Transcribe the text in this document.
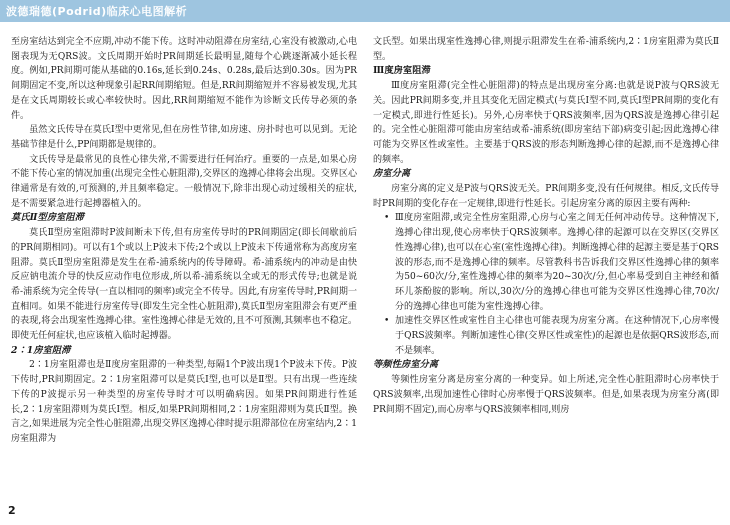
波德瑞德(Podrid)临床心电图解析

至房室结达到完全不应期,冲动不能下传。这时冲动阻滞在房室结,心室没有被激动,心电图表现为无QRS波。文氏周期开始时PR间期延长最明显,随每个心跳逐渐减小延长程度。例如,PR间期可能从基础的0.16s,延长到0.24s、0.28s,最后达到0.30s。因为PR间期固定不变,所以这种现象引起RR间期缩短。但是,RR间期缩短并不容易被发现,尤其是在文氏周期较长或心率较快时。因此,RR间期缩短不能作为诊断文氏传导必须的条件。

虽然文氏传导在莫氏I型中更常见,但在房性节律,如房速、房扑时也可以见到。无论基础节律是什么,PP间期都是规律的。

文氏传导是最常见的良性心律失常,不需要进行任何治疗。重要的一点是,如果心房不能下传心室的情况加重(出现完全性心脏阻滞),交界区的逸搏心律将会出现。交界区心律通常是有效的,可预测的,并且频率稳定。一般情况下,除非出现心动过缓相关的症状,是不需要紧急进行起搏器植入的。

莫氏Ⅱ型房室阻滞

莫氏Ⅱ型房室阻滞时P波间断未下传,但有房室传导时的PR间期固定(即长间歇前后的PR间期相同)。可以有1个或以上P波未下传;2个或以上P波未下传通常称为高度房室阻滞。莫氏Ⅱ型房室阻滞是发生在希-浦系统内的传导障碍。希-浦系统内的冲动是由快反应钠电流介导的快反应动作电位形成,所以希-浦系统以全或无的形式传导;也就是说希-浦系统为完全传导(一直以相同的频率)或完全不传导。因此,有房室传导时,PR间期一直相同。如果不能进行房室传导(即发生完全性心脏阻滞),莫氏Ⅱ型房室阻滞会有更严重的表现,将会出现室性逸搏心律。室性逸搏心律是无效的,且不可预测,其频率也不稳定。即使无任何症状,也应该植入临时起搏器。

2∶1房室阻滞

2∶1房室阻滞也是Ⅱ度房室阻滞的一种类型,每隔1个P波出现1个P波未下传。P波下传时,PR间期固定。2∶1房室阻滞可以是莫氏Ⅰ型,也可以是Ⅱ型。只有出现一些连续下传的P波提示另一种类型的房室传导时才可以明确病因。如果PR间期进行性延长,2∶1房室阻滞则为莫氏Ⅰ型。相反,如果PR间期相同,2∶1房室阻滞则为莫氏Ⅱ型。换言之,如果进展为完全性心脏阻滞,出现交界区逸搏心律时提示阻滞部位在房室结内,2∶1房室阻滞为

文氏型。如果出现室性逸搏心律,则提示阻滞发生在希-浦系统内,2∶1房室阻滞为莫氏Ⅱ型。

Ⅲ度房室阻滞

Ⅲ度房室阻滞(完全性心脏阻滞)的特点是出现房室分离:也就是说P波与QRS波无关。因此PR间期多变,并且其变化无固定模式(与莫氏Ⅰ型不同,莫氏Ⅰ型PR间期的变化有一定模式,即进行性延长)。另外,心房率快于QRS波频率,因为QRS波是逸搏心律引起的。完全性心脏阻滞可能由房室结或希-浦系统(即房室结下部)病变引起;因此逸搏心律可能为交界区性或室性。主要基于QRS波的形态判断逸搏心律的起源,而不是逸搏心律的频率。

房室分离

房室分离的定义是P波与QRS波无关。PR间期多变,没有任何规律。相反,文氏传导时PR间期的变化存在一定规律,即进行性延长。引起房室分离的原因主要有两种:

• Ⅲ度房室阻滞,或完全性房室阻滞,心房与心室之间无任何冲动传导。这种情况下,逸搏心律出现,使心房率快于QRS波频率。逸搏心律的起源可以在交界区(交界区性逸搏心律),也可以在心室(室性逸搏心律)。判断逸搏心律的起源主要是基于QRS波的形态,而不是逸搏心律的频率。尽管教科书告诉我们交界区性逸搏心律的频率为50~60次/分,室性逸搏心律的频率为20~30次/分,但心率易受到自主神经和循环儿茶酚胺的影响。所以,30次/分的逸搏心律也可能为交界区性逸搏心律,70次/分的逸搏心律也可能为室性逸搏心律。
• 加速性交界区性或室性自主心律也可能表现为房室分离。在这种情况下,心房率慢于QRS波频率。判断加速性心律(交界区性或室性)的起源也是依据QRS波形态,而不是频率。
等频性房室分离

等频性房室分离是房室分离的一种变异。如上所述,完全性心脏阻滞时心房率快于QRS波频率,出现加速性心律时心房率慢于QRS波频率。但是,如果表现为房室分离(即PR间期不固定),而心房率与QRS波频率相同,则房

2
